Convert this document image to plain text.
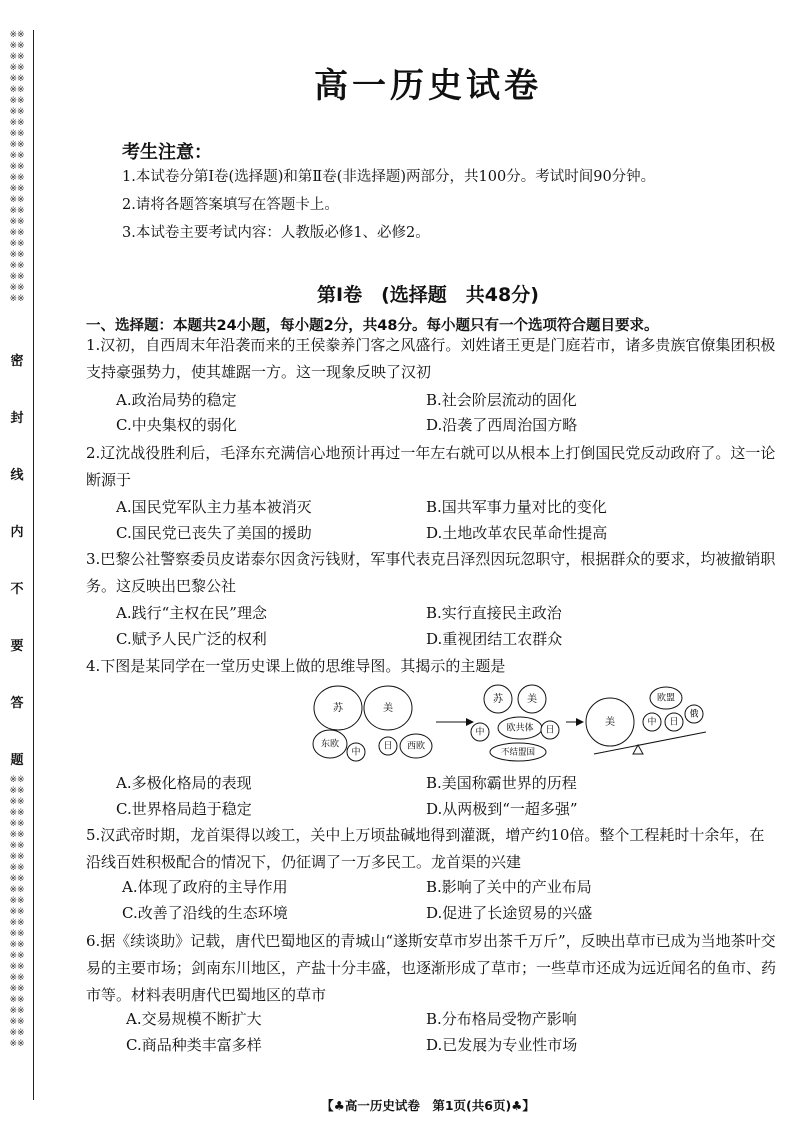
※※※※※※※※※※※※※※※※※※※※※※※※※※※※※※※※※※※※※※※※※※※※※※※※※※
密
封
线
内
不
要
答
题
※※※※※※※※※※※※※※※※※※※※※※※※※※※※※※※※※※※※※※※※※※※※※※※※※※
高一历史试卷
考生注意：
1.本试卷分第Ⅰ卷(选择题)和第Ⅱ卷(非选择题)两部分，共100分。考试时间90分钟。
2.请将各题答案填写在答题卡上。
3.本试卷主要考试内容：人教版必修1、必修2。
第Ⅰ卷　(选择题　共48分)
一、选择题：本题共24小题，每小题2分，共48分。每小题只有一个选项符合题目要求。
1.汉初，自西周末年沿袭而来的王侯豢养门客之风盛行。刘姓诸王更是门庭若市，诸多贵族官僚集团积极支持豪强势力，使其雄踞一方。这一现象反映了汉初
A.政治局势的稳定	B.社会阶层流动的固化
C.中央集权的弱化	D.沿袭了西周治国方略
2.辽沈战役胜利后，毛泽东充满信心地预计再过一年左右就可以从根本上打倒国民党反动政府了。这一论断源于
A.国民党军队主力基本被消灭	B.国共军事力量对比的变化
C.国民党已丧失了美国的援助	D.土地改革农民革命性提高
3.巴黎公社警察委员皮诺泰尔因贪污钱财，军事代表克吕泽烈因玩忽职守，根据群众的要求，均被撤销职务。这反映出巴黎公社
A.践行“主权在民”理念	B.实行直接民主政治
C.赋予人民广泛的权利	D.重视团结工农群众
4.下图是某同学在一堂历史课上做的思维导图。其揭示的主题是
苏	美
东欧
中
日 西欧
苏 美
中 欧共体 日
不结盟国
美
欧盟
中 日
俄
A.多极化格局的表现	B.美国称霸世界的历程
C.世界格局趋于稳定	D.从两极到“一超多强”
5.汉武帝时期，龙首渠得以竣工，关中上万顷盐碱地得到灌溉，增产约10倍。整个工程耗时十余年，在沿线百姓积极配合的情况下，仍征调了一万多民工。龙首渠的兴建
A.体现了政府的主导作用	B.影响了关中的产业布局
C.改善了沿线的生态环境	D.促进了长途贸易的兴盛
6.据《续谈助》记载，唐代巴蜀地区的青城山“遂斯安草市岁出茶千万斤”，反映出草市已成为当地茶叶交易的主要市场；剑南东川地区，产盐十分丰盛，也逐渐形成了草市；一些草市还成为远近闻名的鱼市、药市等。材料表明唐代巴蜀地区的草市
A.交易规模不断扩大	B.分布格局受物产影响
C.商品种类丰富多样	D.已发展为专业性市场
【♣高一历史试卷　第1页(共6页)♣】
